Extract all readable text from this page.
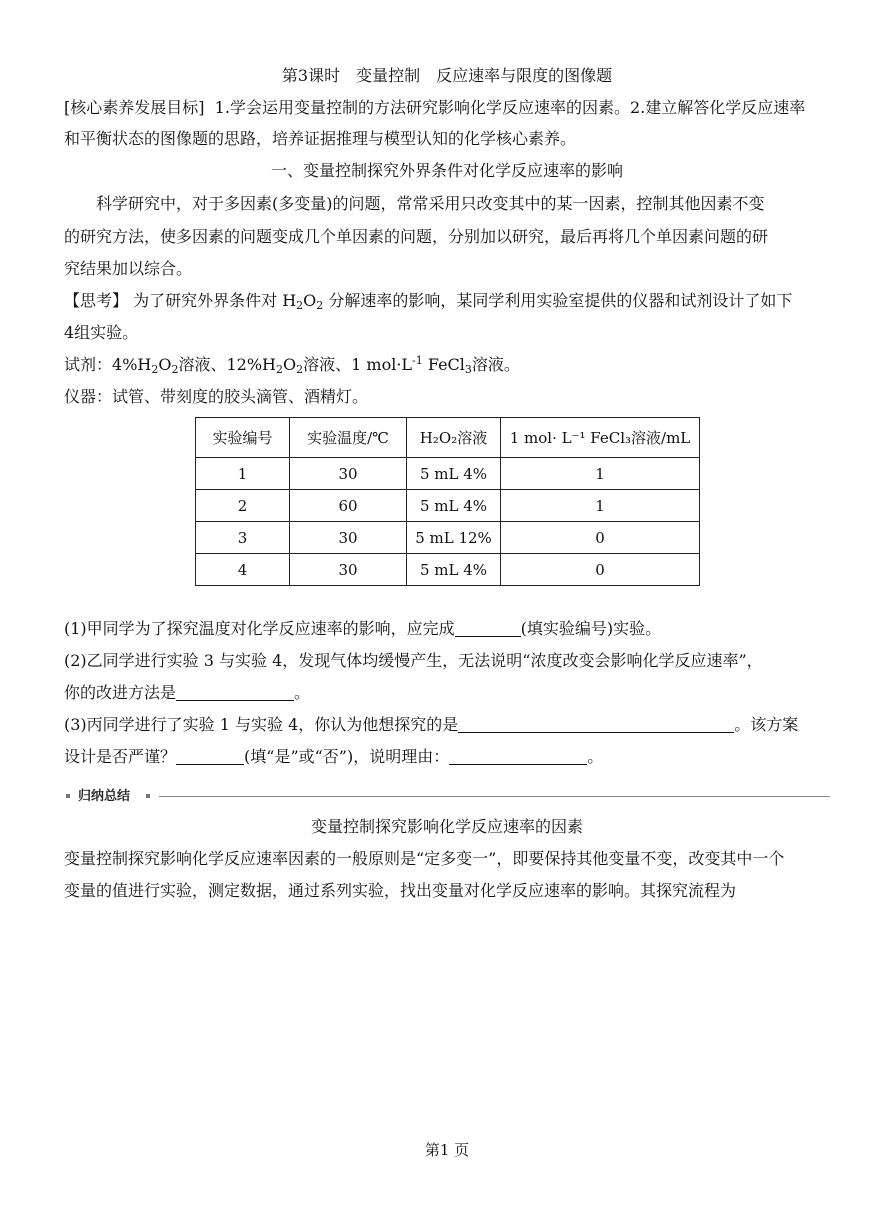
第3课时　变量控制　反应速率与限度的图像题
[核心素养发展目标] 1.学会运用变量控制的方法研究影响化学反应速率的因素。2.建立解答化学反应速率
和平衡状态的图像题的思路，培养证据推理与模型认知的化学核心素养。
一、变量控制探究外界条件对化学反应速率的影响
科学研究中，对于多因素(多变量)的问题，常常采用只改变其中的某一因素，控制其他因素不变
的研究方法，使多因素的问题变成几个单因素的问题，分别加以研究，最后再将几个单因素问题的研
究结果加以综合。
【思考】 为了研究外界条件对 $H_2O_2$ 分解速率的影响，某同学利用实验室提供的仪器和试剂设计了如下
4组实验。
试剂：$4\%H_2O_2$溶液、$12\%H_2O_2$溶液、1 $mol\cdot L^{-1}$ FeCl$_3$溶液。
仪器：试管、带刻度的胶头滴管、酒精灯。
实验编号	实验温度/℃	H₂O₂溶液	1 mol· L⁻¹ FeCl₃溶液/mL
1	30	5 mL 4%	1
2	60	5 mL 4%	1
3	30	5 mL 12%	0
4	30	5 mL 4%	0
(1)甲同学为了探究温度对化学反应速率的影响，应完成	(填实验编号)实验。
(2)乙同学进行实验 3 与实验 4，发现气体均缓慢产生，无法说明“浓度改变会影响化学反应速率”，
你的改进方法是	。
(3)丙同学进行了实验 1 与实验 4，你认为他想探究的是	。该方案
设计是否严谨？	(填“是”或“否”)，说明理由：	。
归纳总结
变量控制探究影响化学反应速率的因素
变量控制探究影响化学反应速率因素的一般原则是“定多变一”，即要保持其他变量不变，改变其中一个
变量的值进行实验，测定数据，通过系列实验，找出变量对化学反应速率的影响。其探究流程为
第1 页
